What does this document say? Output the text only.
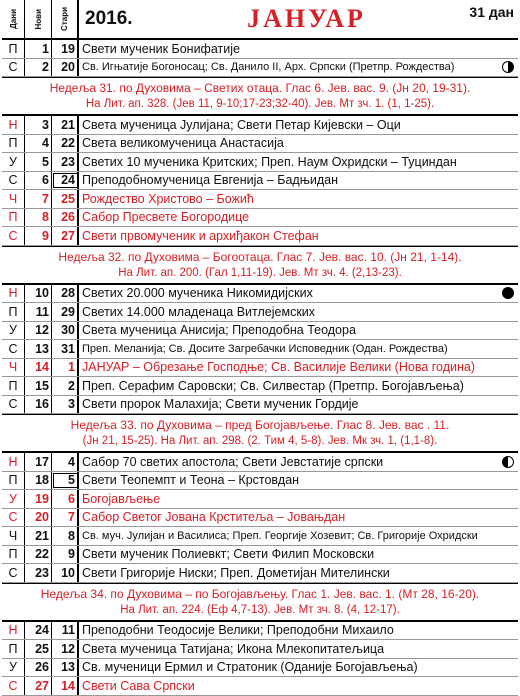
Дани Нови Стари 2016.	ЈАНУАР	31 дан
П	1 19 Свети мученик Бонифатије
С	2 20 Св. Игњатије Богоносац; Св. Данило II, Арх. Српски (Претпр. Рождества)
Недеља 31. по Духовима – Светих отаца. Глас 6. Јев. вас. 9. (Јн 20, 19-31).
На Лит. ап. 328. (Јев 11, 9-10;17-23;32-40). Јев. Мт зч. 1. (1, 1-25).
Н	3 21 Света мученица Јулијана; Свети Петар Кијевски – Оци
П	4 22 Света великомученица Анастасија
У	5 23 Светих 10 мученика Критских; Преп. Наум Охридски – Туциндан
С	6 24 Преподобномученица Евгенија – Бадњидан
Ч	7 25 Рождество Христово – Божић
П	8 26 Сабор Пресвете Богородице
С	9 27 Свети првомученик и архиђакон Стефан
Недеља 32. по Духовима – Богоотаца. Глас 7. Јев. вас. 10. (Јн 21, 1-14).
На Лит. ап. 200. (Гал 1,11-19). Јев. Мт зч. 4. (2,13-23).
Н	10 28 Светих 20.000 мученика Никомидијских
П	11 29 Светих 14.000 младенаца Витлејемских
У	12 30 Света мученица Анисија; Преподобна Теодора
С	13 31 Преп. Меланија; Св. Досите Загребачки Исповедник (Одан. Рождества)
Ч	14	1 ЈАНУАР – Обрезање Господње; Св. Василије Велики (Нова година)
П	15	2 Преп. Серафим Саровски; Св. Силвестар (Претпр. Богојављења)
С	16	3 Свети пророк Малахија; Свети мученик Гордије
Недеља 33. по Духовима – пред Богојављење. Глас 8. Јев. вас . 11.
(Јн 21, 15-25). На Лит. ап. 298. (2. Тим 4, 5-8). Јев. Мк зч. 1, (1,1-8).
Н	17	4 Сабор 70 светих апостола; Свети Јевстатије српски
П	18	5 Свети Теопемпт и Теона – Крстовдан
У	19	6 Богојављење
С	20	7 Сабор Светог Јована Крститеља – Јовањдан
Ч	21	8 Св. муч. Јулијан и Василиса; Преп. Георгије Хозевит; Св. Григорије Охридски
П	22	9 Свети мученик Полиевкт; Свети Филип Московски
С	23 10 Свети Григорије Ниски; Преп. Дометијан Мителински
Недеља 34. по Духовима – по Богојављењу. Глас 1. Јев. вас. 1. (Мт 28, 16-20).
На Лит. ап. 224. (Еф 4,7-13). Јев. Мт зч. 8. (4, 12-17).
Н	24	11 Преподобни Теодосије Велики; Преподобни Михаило
П	25 12 Света мученица Татијана; Икона Млекопитатељица
У	26 13 Св. мученици Ермил и Стратоник (Оданије Богојављења)
С	27 14 Свети Сава Српски
